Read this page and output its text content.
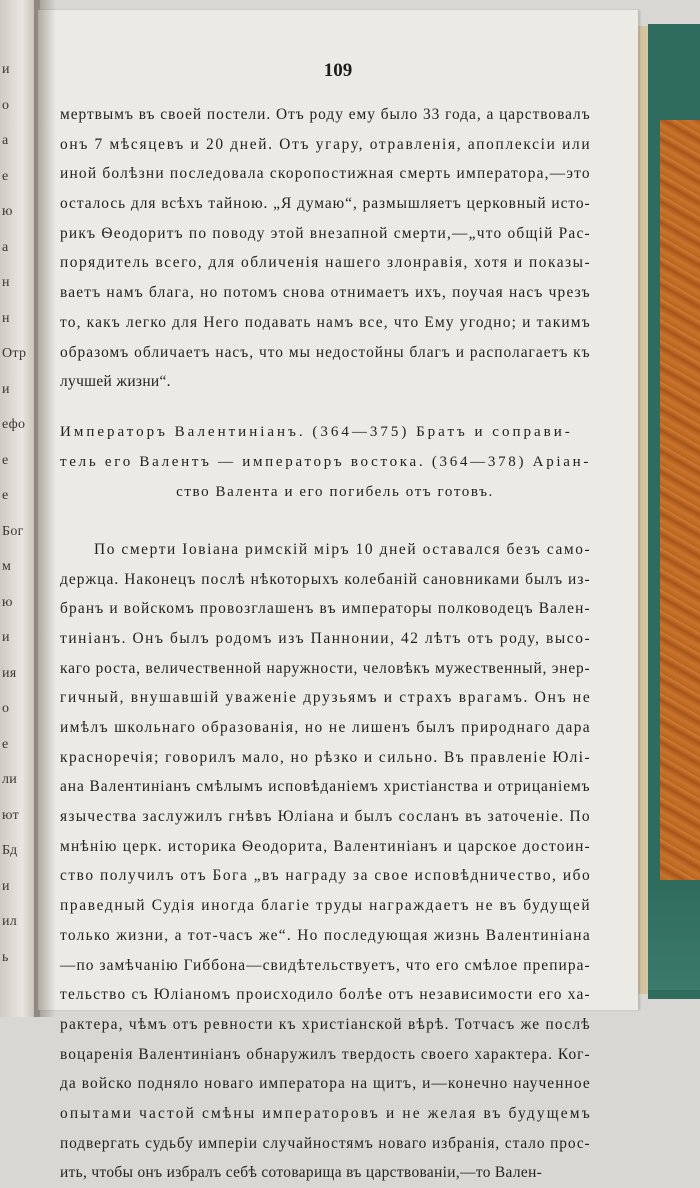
и
о
а
е
ю
а
н
н
Отр
и
ефо
е
е
Бог
м
ю
и
ия
о
е
ли
ют
Бд
и
ил
ь
109
мертвымъ въ своей постели. Отъ роду ему было 33 года, а царствовалъ
онъ 7 мѣсяцевъ и 20 дней. Отъ угару, отравленія, апоплексіи или
иной болѣзни последовала скоропостижная смерть императора,—это
осталось для всѣхъ тайною. „Я думаю“, размышляетъ церковный исто-
рикъ Ѳеодоритъ по поводу этой внезапной смерти,—„что общій Рас-
порядитель всего, для обличенія нашего злонравія, хотя и показы-
ваетъ намъ блага, но потомъ снова отнимаетъ ихъ, поучая насъ чрезъ
то, какъ легко для Него подавать намъ все, что Ему угодно; и такимъ
образомъ обличаетъ насъ, что мы недостойны благъ и располагаетъ къ
лучшей жизни“.
Императоръ Валентиніанъ. (364—375) Братъ и соправи-
тель его Валентъ — императоръ востока. (364—378) Аріан-
ство Валента и его погибель отъ готовъ.
По смерти Іовіана римскій міръ 10 дней оставался безъ само-
держца. Наконецъ послѣ нѣкоторыхъ колебаній сановниками былъ из-
бранъ и войскомъ провозглашенъ въ императоры полководецъ Вален-
тиніанъ. Онъ былъ родомъ изъ Паннонии, 42 лѣтъ отъ роду, высо-
каго роста, величественной наружности, человѣкъ мужественный, энер-
гичный, внушавшій уваженіе друзьямъ и страхъ врагамъ. Онъ не
имѣлъ школьнаго образованія, но не лишенъ былъ природнаго дара
красноречія; говорилъ мало, но рѣзко и сильно. Въ правленіе Юлі-
ана Валентиніанъ смѣлымъ исповѣданіемъ христіанства и отрицаніемъ
язычества заслужилъ гнѣвъ Юліана и былъ сосланъ въ заточеніе. По
мнѣнію церк. историка Ѳеодорита, Валентиніанъ и царское достоин-
ство получилъ отъ Бога „въ награду за свое исповѣдничество, ибо
праведный Судія иногда благіе труды награждаетъ не въ будущей
только жизни, а тот-часъ же“. Но последующая жизнь Валентиніана
—по замѣчанію Гиббона—свидѣтельствуетъ, что его смѣлое препира-
тельство съ Юліаномъ происходило болѣе отъ независимости его ха-
рактера, чѣмъ отъ ревности къ христіанской вѣрѣ. Тотчасъ же послѣ
воцаренія Валентиніанъ обнаружилъ твердость своего характера. Ког-
да войско подняло новаго императора на щитъ, и—конечно наученное
опытами частой смѣны императоровъ и не желая въ будущемъ
подвергать судьбу имперіи случайностямъ новаго избранія, стало прос-
ить, чтобы онъ избралъ себѣ сотоварища въ царствованіи,—то Вален-
